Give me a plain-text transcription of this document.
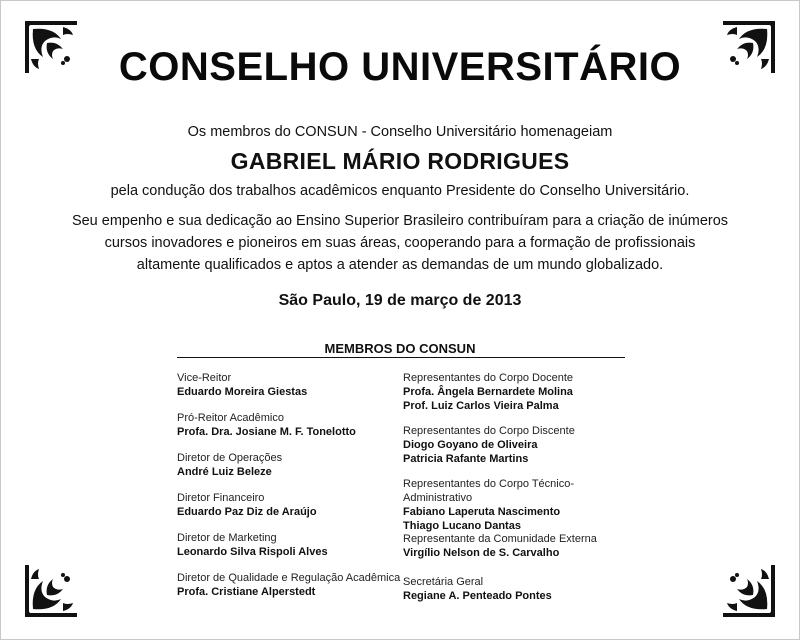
CONSELHO UNIVERSITÁRIO

Os membros do CONSUN - Conselho Universitário homenageiam

GABRIEL MÁRIO RODRIGUES

pela condução dos trabalhos acadêmicos enquanto Presidente do Conselho Universitário.

Seu empenho e sua dedicação ao Ensino Superior Brasileiro contribuíram para a criação de inúmeros
cursos inovadores e pioneiros em suas áreas, cooperando para a formação de profissionais
altamente qualificados e aptos a atender as demandas de um mundo globalizado.

São Paulo, 19 de março de 2013

MEMBROS DO CONSUN

Vice-Reitor
Eduardo Moreira Giestas
Pró-Reitor Acadêmico
Profa. Dra. Josiane M. F. Tonelotto
Diretor de Operações
André Luiz Beleze
Diretor Financeiro
Eduardo Paz Diz de Araújo
Diretor de Marketing
Leonardo Silva Rispoli Alves
Diretor de Qualidade e Regulação Acadêmica
Profa. Cristiane Alperstedt
Representantes do Corpo Docente
Profa. Ângela Bernardete Molina
Prof. Luiz Carlos Vieira Palma
Representantes do Corpo Discente
Diogo Goyano de Oliveira
Patricia Rafante Martins
Representantes do Corpo Técnico-Administrativo
Fabiano Laperuta Nascimento
Thiago Lucano Dantas
Representante da Comunidade Externa
Virgílio Nelson de S. Carvalho
Secretária Geral
Regiane A. Penteado Pontes
